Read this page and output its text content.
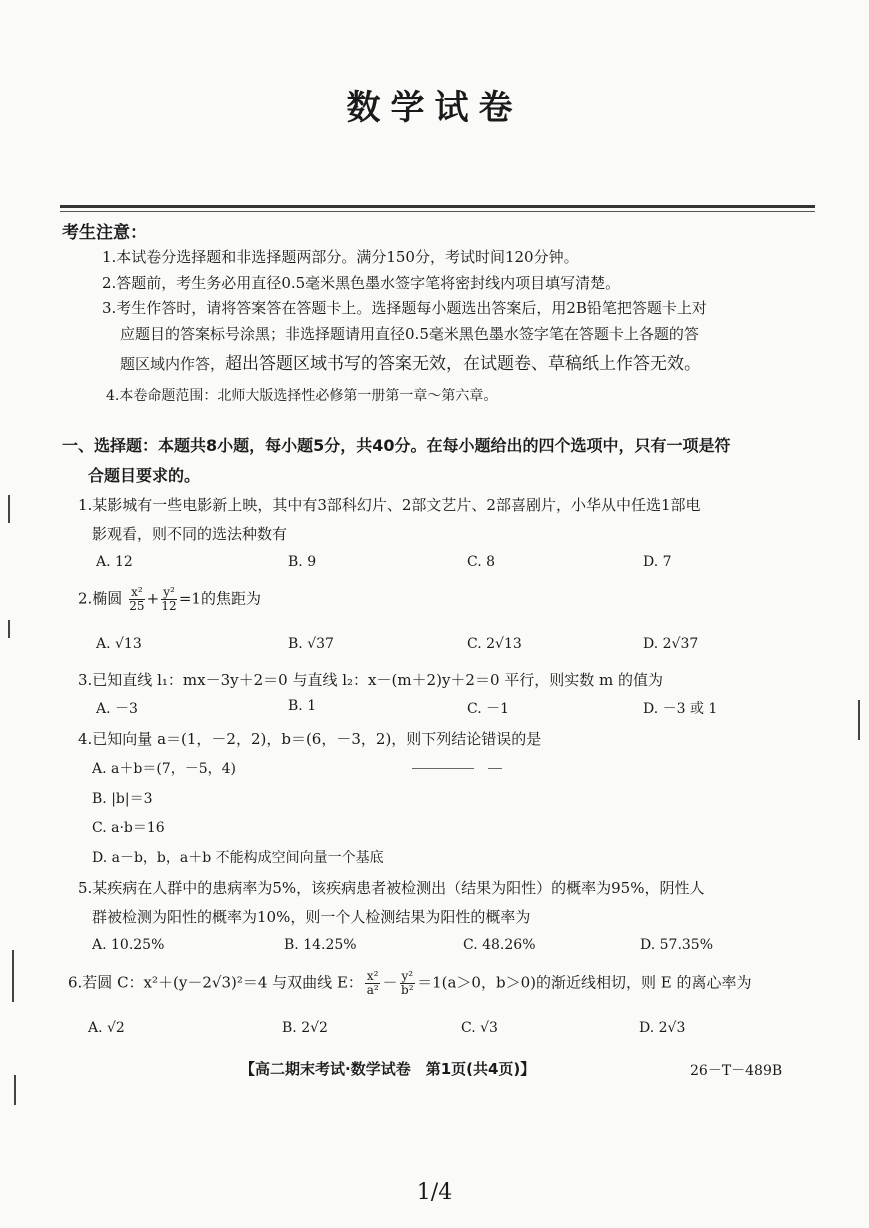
数学试卷
考生注意：
1.本试卷分选择题和非选择题两部分。满分150分，考试时间120分钟。
2.答题前，考生务必用直径0.5毫米黑色墨水签字笔将密封线内项目填写清楚。
3.考生作答时，请将答案答在答题卡上。选择题每小题选出答案后，用2B铅笔把答题卡上对
应题目的答案标号涂黑；非选择题请用直径0.5毫米黑色墨水签字笔在答题卡上各题的答
题区域内作答，超出答题区域书写的答案无效，在试题卷、草稿纸上作答无效。
4.本卷命题范围：北师大版选择性必修第一册第一章～第六章。
一、选择题：本题共8小题，每小题5分，共40分。在每小题给出的四个选项中，只有一项是符
合题目要求的。
1.某影城有一些电影新上映，其中有3部科幻片、2部文艺片、2部喜剧片，小华从中任选1部电
影观看，则不同的选法种数有
A. 12	B. 9	C. 8	D. 7
2.椭圆 $\frac{\text{x²}}{25} + \frac{\text{y²}}{12} =1$的焦距为
A. √13	B. √37	C. 2√13	D. 2√37
3.已知直线 l₁：mx－3y＋2＝0 与直线 l₂：x－(m＋2)y＋2＝0 平行，则实数 m 的值为
A. －3	B. 1	C. －1	D. －3 或 1
4.已知向量 a＝(1，－2，2)，b＝(6，－3，2)，则下列结论错误的是
A. a＋b＝(7，－5，4)
B. |b|＝3
C. a·b＝16
D. a－b，b，a＋b 不能构成空间向量一个基底
5.某疾病在人群中的患病率为5%，该疾病患者被检测出（结果为阳性）的概率为95%，阴性人
群被检测为阳性的概率为10%，则一个人检测结果为阳性的概率为
A. 10.25%	B. 14.25%	C. 48.26%	D. 57.35%
6.若圆 C：x²＋(y－2√3)²＝4 与双曲线 E： $\frac{\text{x²}}{\text{a²}} - \frac{\text{y²}}{\text{b²}} =1(a>0$，b＞0)的渐近线相切，则 E 的离心率为
A. √2	B. 2√2	C. √3	D. 2√3
【高二期末考试·数学试卷　第1页(共4页)】	26－T－489B
1/4
